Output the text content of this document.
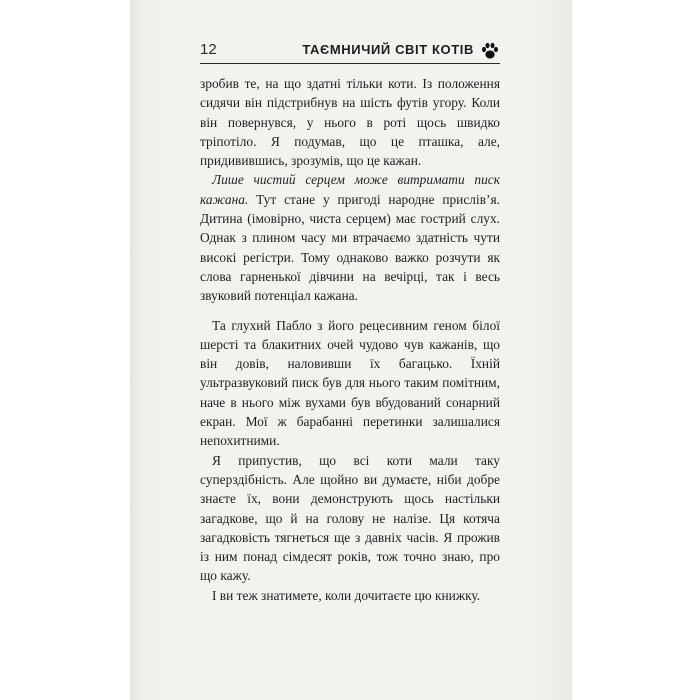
12	ТАЄМНИЧИЙ СВІТ КОТІВ

зробив те, на що здатні тільки коти. Із положення сидячи він підстрибнув на шість футів угору. Коли він повернувся, у нього в роті щось швидко тріпотіло. Я подумав, що це пташка, але, придивившись, зрозумів, що це кажан.

Лише чистий серцем може витримати писк кажана. Тут стане у пригоді народне прислів’я. Дитина (імовірно, чиста серцем) має гострий слух. Однак з плином часу ми втрачаємо здатність чути високі регістри. Тому однаково важко розчути як слова гарненької дівчини на вечірці, так і весь звуковий потенціал кажана.

Та глухий Пабло з його рецесивним геном білої шерсті та блакитних очей чудово чув кажанів, що він довів, наловивши їх багацько. Їхній ультразвуковий писк був для нього таким помітним, наче в нього між вухами був вбудований сонарний екран. Мої ж барабанні перетинки залишалися непохитними.

Я припустив, що всі коти мали таку суперздібність. Але щойно ви думаєте, ніби добре знаєте їх, вони демонструють щось настільки загадкове, що й на голову не налізе. Ця котяча загадковість тягнеться ще з давніх часів. Я прожив із ним понад сімдесят років, тож точно знаю, про що кажу.

І ви теж знатимете, коли дочитаєте цю книжку.
